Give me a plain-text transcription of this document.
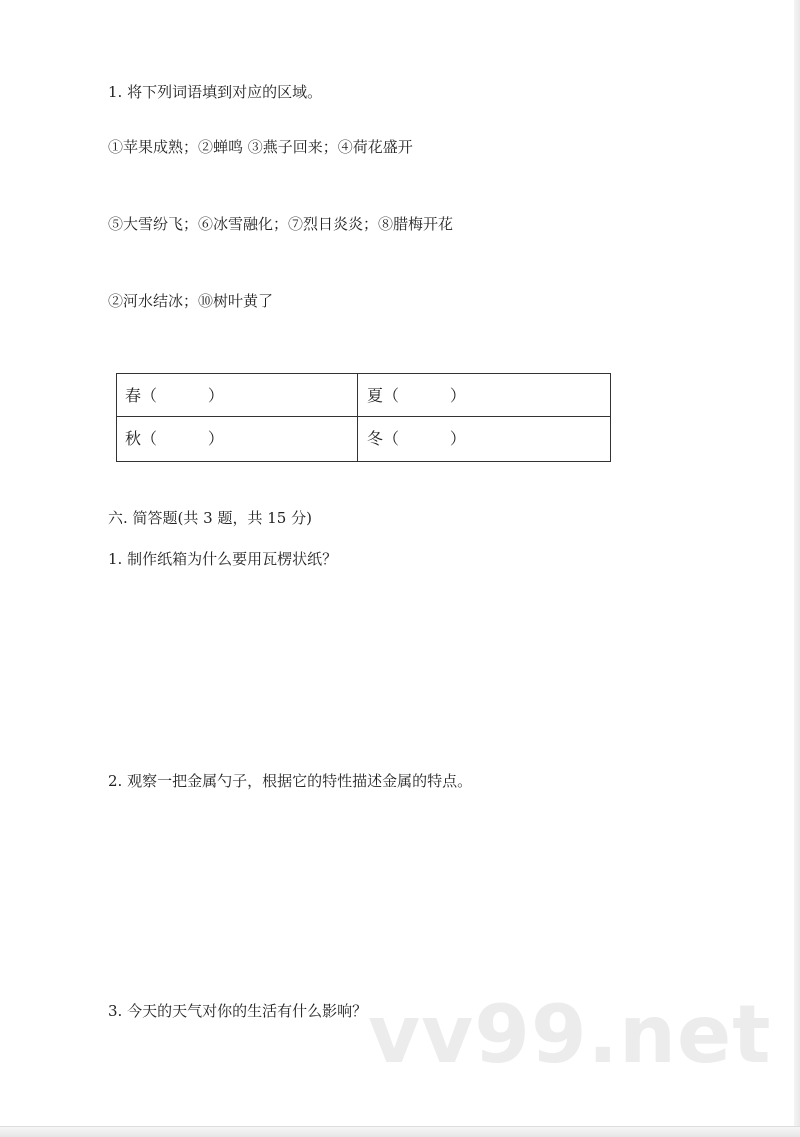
1. 将下列词语填到对应的区域。
①苹果成熟；②蝉鸣 ③燕子回来；④荷花盛开
⑤大雪纷飞；⑥冰雪融化；⑦烈日炎炎；⑧腊梅开花
②河水结冰；⑩树叶黄了
春（          ）	夏（          ）
秋（          ）	冬（          ）
六. 简答题(共 3 题，共 15 分)
1. 制作纸箱为什么要用瓦楞状纸？
2. 观察一把金属勺子，根据它的特性描述金属的特点。
3. 今天的天气对你的生活有什么影响？ vv99.net
